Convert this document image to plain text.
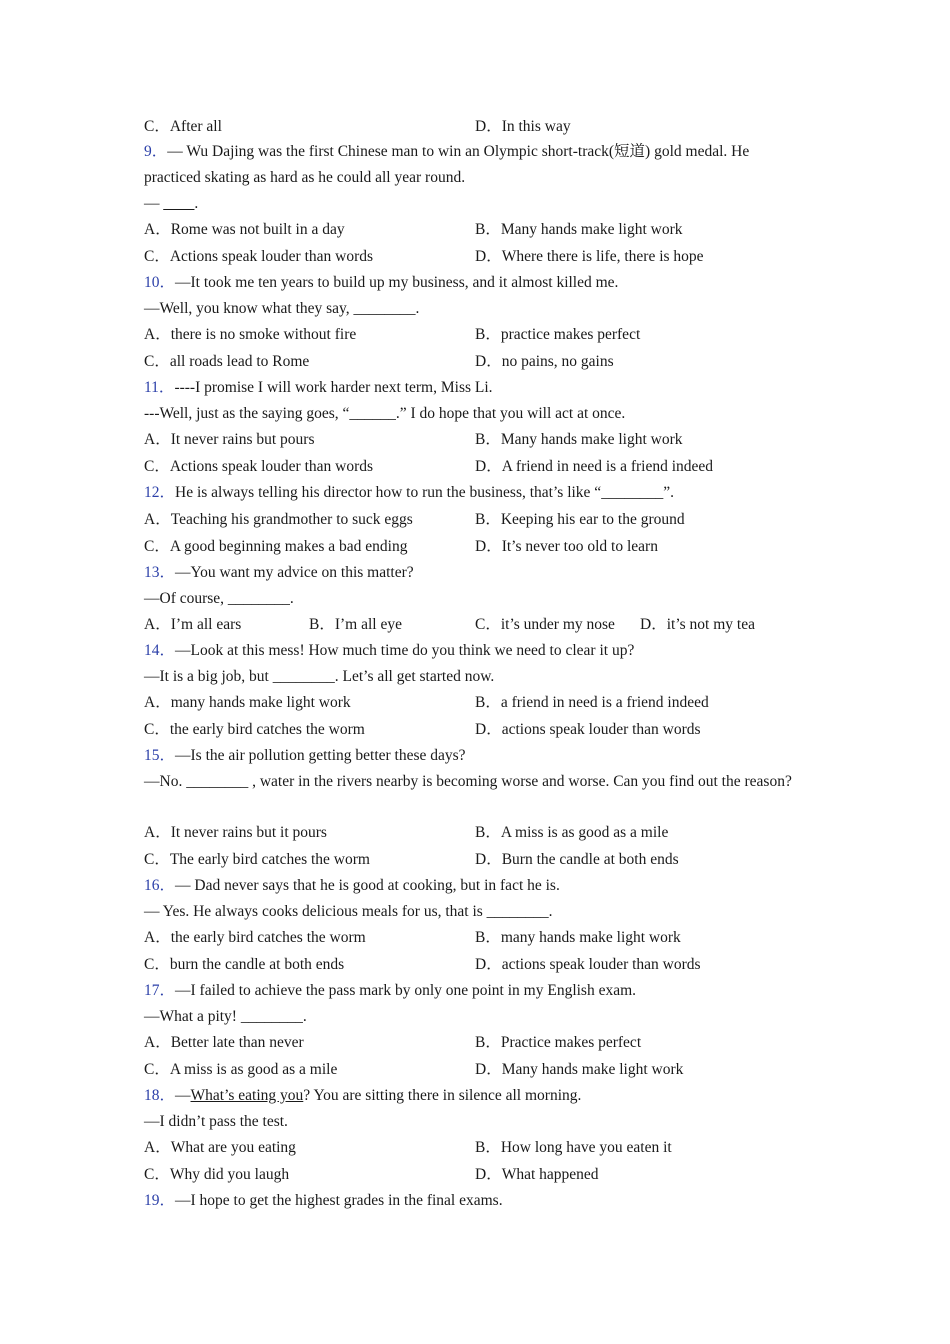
C．After all	D．In this way
9．— Wu Dajing was the first Chinese man to win an Olympic short-track(短道) gold medal. He practiced skating as hard as he could all year round.
— ____.
A．Rome was not built in a day	B．Many hands make light work
C．Actions speak louder than words	D．Where there is life, there is hope
10．—It took me ten years to build up my business, and it almost killed me.
—Well, you know what they say, ________.
A．there is no smoke without fire	B．practice makes perfect
C．all roads lead to Rome	D．no pains, no gains
11．----I promise I will work harder next term, Miss Li.
---Well, just as the saying goes, “______.” I do hope that you will act at once.
A．It never rains but pours	B．Many hands make light work
C．Actions speak louder than words	D．A friend in need is a friend indeed
12．He is always telling his director how to run the business, that’s like “________”.
A．Teaching his grandmother to suck eggs	B．Keeping his ear to the ground
C．A good beginning makes a bad ending	D．It’s never too old to learn
13．—You want my advice on this matter?
—Of course, ________.
A．I’m all ears	B．I’m all eye	C．it’s under my nose D．it’s not my tea
14．—Look at this mess! How much time do you think we need to clear it up?
—It is a big job, but ________. Let’s all get started now.
A．many hands make light work	B．a friend in need is a friend indeed
C．the early bird catches the worm	D．actions speak louder than words
15．—Is the air pollution getting better these days?
—No. ________ , water in the rivers nearby is becoming worse and worse. Can you find out the reason?
A．It never rains but it pours	B．A miss is as good as a mile
C．The early bird catches the worm	D．Burn the candle at both ends
16．— Dad never says that he is good at cooking, but in fact he is.
— Yes. He always cooks delicious meals for us, that is ________.
A．the early bird catches the worm	B．many hands make light work
C．burn the candle at both ends	D．actions speak louder than words
17．—I failed to achieve the pass mark by only one point in my English exam.
—What a pity! ________.
A．Better late than never	B．Practice makes perfect
C．A miss is as good as a mile	D．Many hands make light work
18．—What’s eating you? You are sitting there in silence all morning.
—I didn’t pass the test.
A．What are you eating	B．How long have you eaten it
C．Why did you laugh	D．What happened
19．—I hope to get the highest grades in the final exams.
